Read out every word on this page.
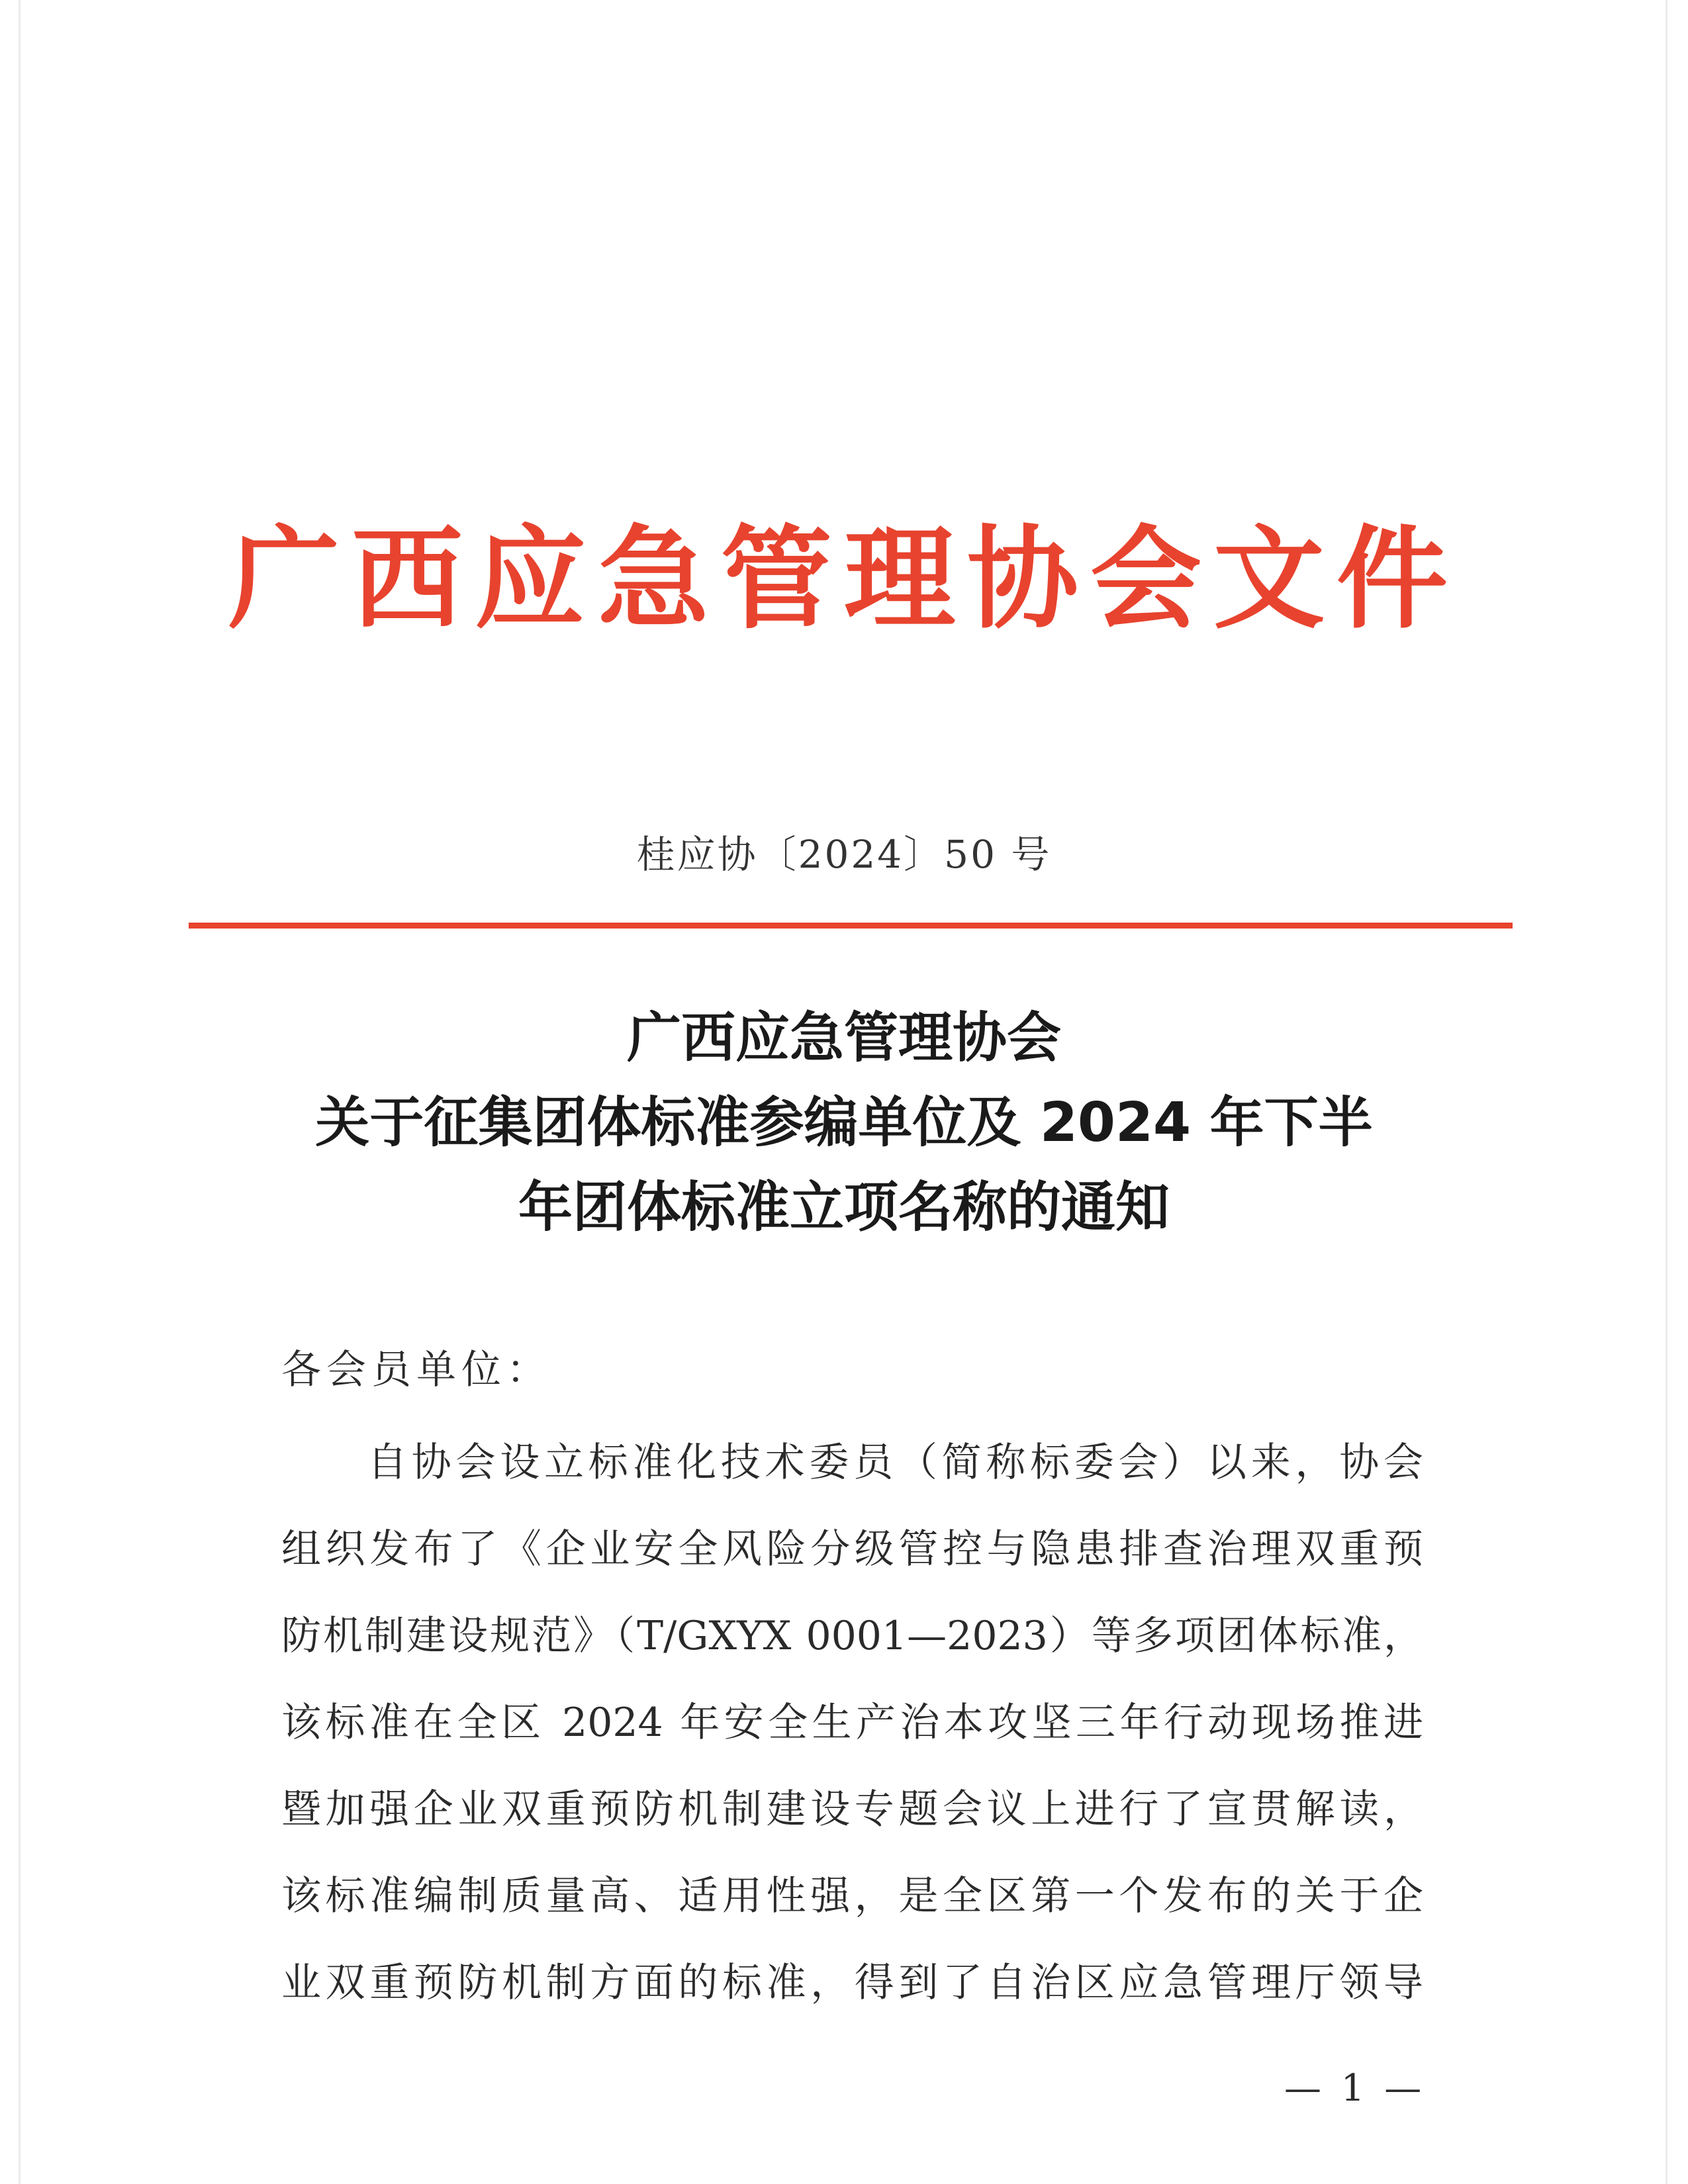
广西应急管理协会文件
桂应协〔2024〕50 号
广西应急管理协会
关于征集团体标准参编单位及 2024 年下半
年团体标准立项名称的通知
各会员单位：
自协会设立标准化技术委员（简称标委会）以来，协会
组织发布了《企业安全风险分级管控与隐患排查治理双重预
防机制建设规范》（T/GXYX 0001—2023）等多项团体标准，
该标准在全区 2024 年安全生产治本攻坚三年行动现场推进
暨加强企业双重预防机制建设专题会议上进行了宣贯解读，
该标准编制质量高、适用性强，是全区第一个发布的关于企
业双重预防机制方面的标准，得到了自治区应急管理厅领导
— 1 —
